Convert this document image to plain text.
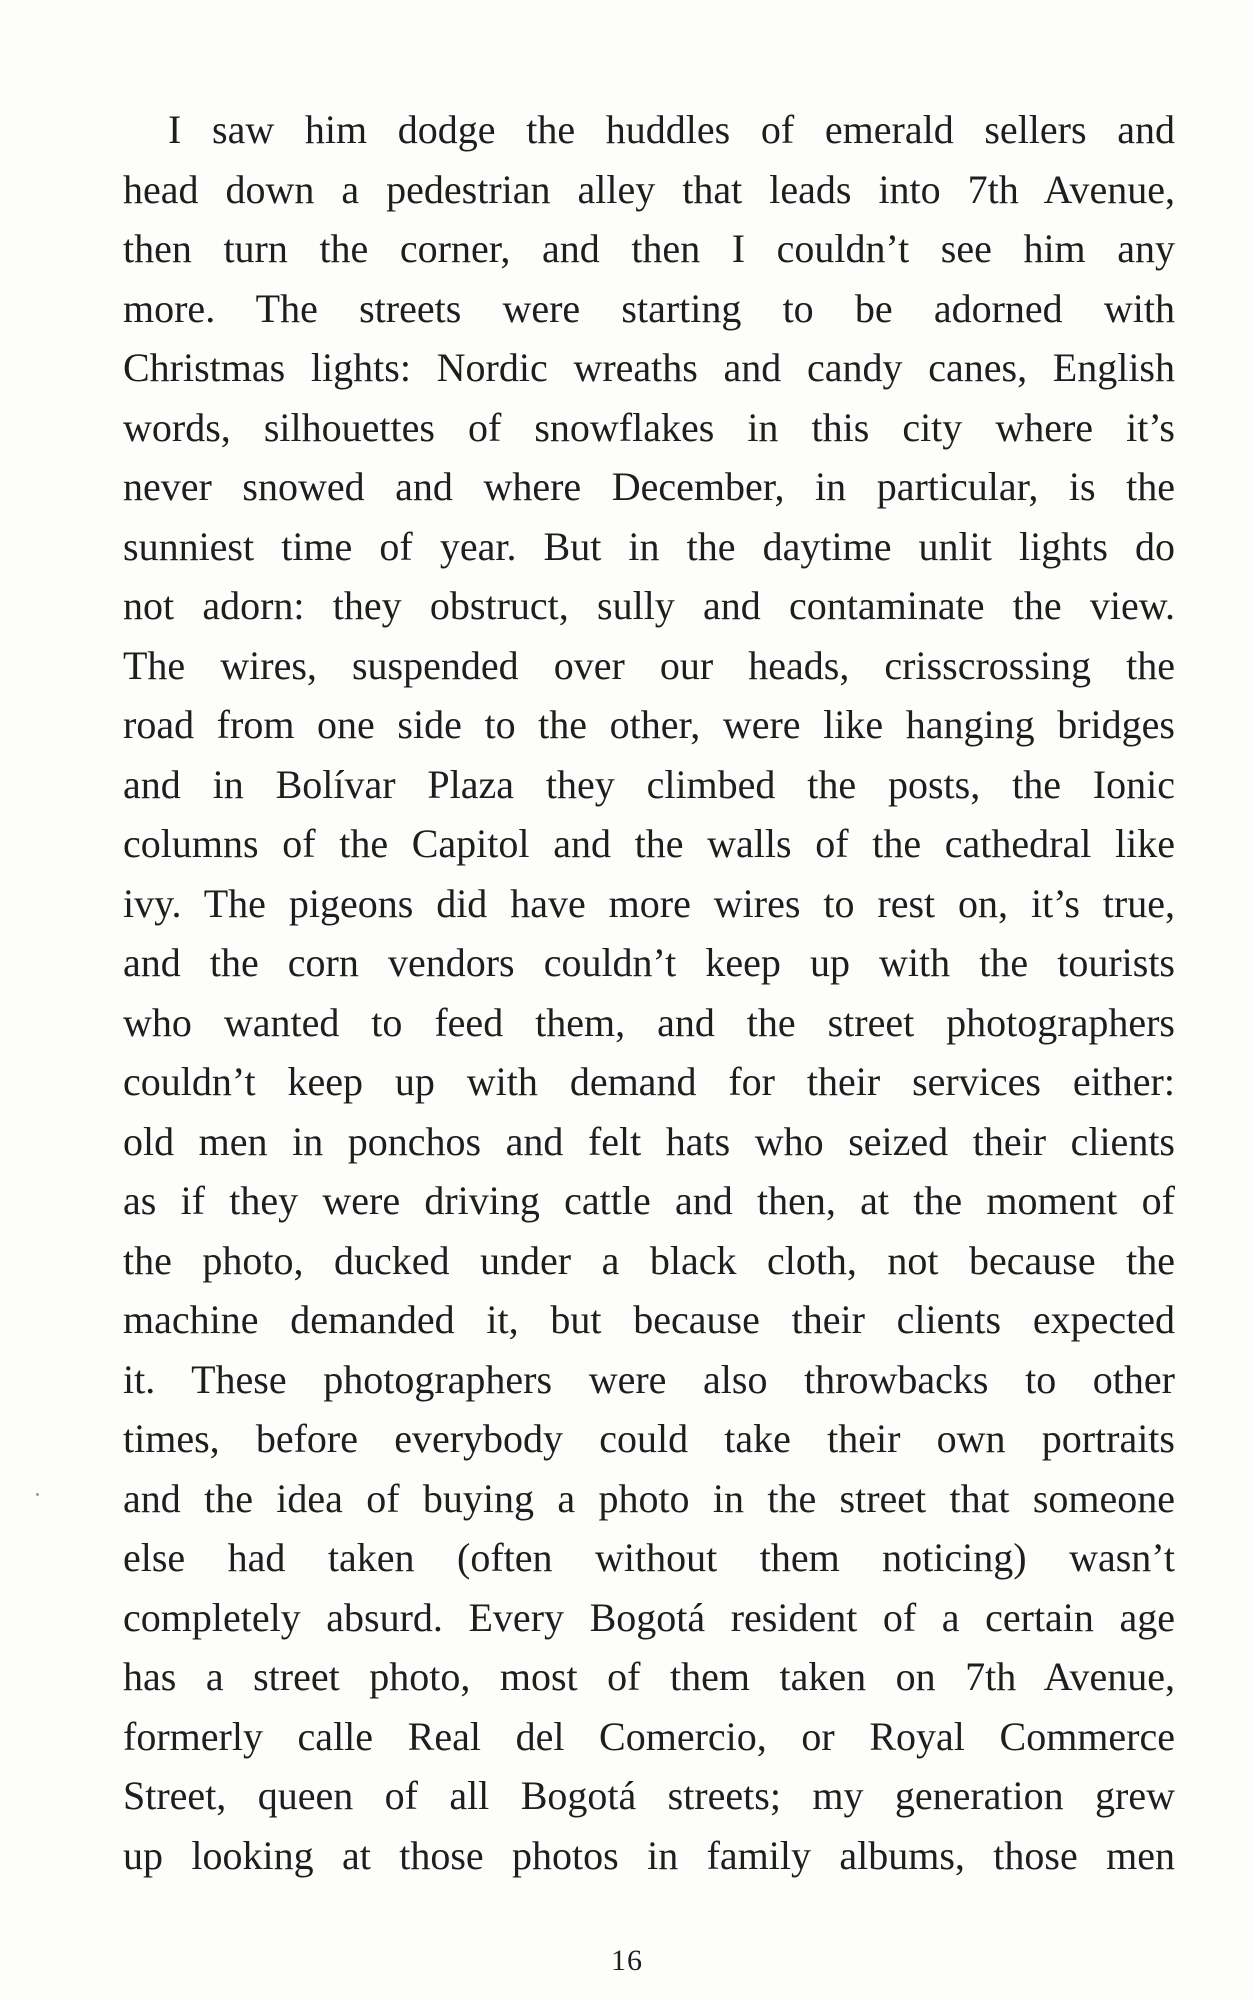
I saw him dodge the huddles of emerald sellers and
head down a pedestrian alley that leads into 7th Avenue,
then turn the corner, and then I couldn’t see him any
more. The streets were starting to be adorned with
Christmas lights: Nordic wreaths and candy canes, English
words, silhouettes of snowflakes in this city where it’s
never snowed and where December, in particular, is the
sunniest time of year. But in the daytime unlit lights do
not adorn: they obstruct, sully and contaminate the view.
The wires, suspended over our heads, crisscrossing the
road from one side to the other, were like hanging bridges
and in Bolívar Plaza they climbed the posts, the Ionic
columns of the Capitol and the walls of the cathedral like
ivy. The pigeons did have more wires to rest on, it’s true,
and the corn vendors couldn’t keep up with the tourists
who wanted to feed them, and the street photographers
couldn’t keep up with demand for their services either:
old men in ponchos and felt hats who seized their clients
as if they were driving cattle and then, at the moment of
the photo, ducked under a black cloth, not because the
machine demanded it, but because their clients expected
it. These photographers were also throwbacks to other
times, before everybody could take their own portraits
and the idea of buying a photo in the street that someone
else had taken (often without them noticing) wasn’t
completely absurd. Every Bogotá resident of a certain age
has a street photo, most of them taken on 7th Avenue,
formerly calle Real del Comercio, or Royal Commerce
Street, queen of all Bogotá streets; my generation grew
up looking at those photos in family albums, those men
16
